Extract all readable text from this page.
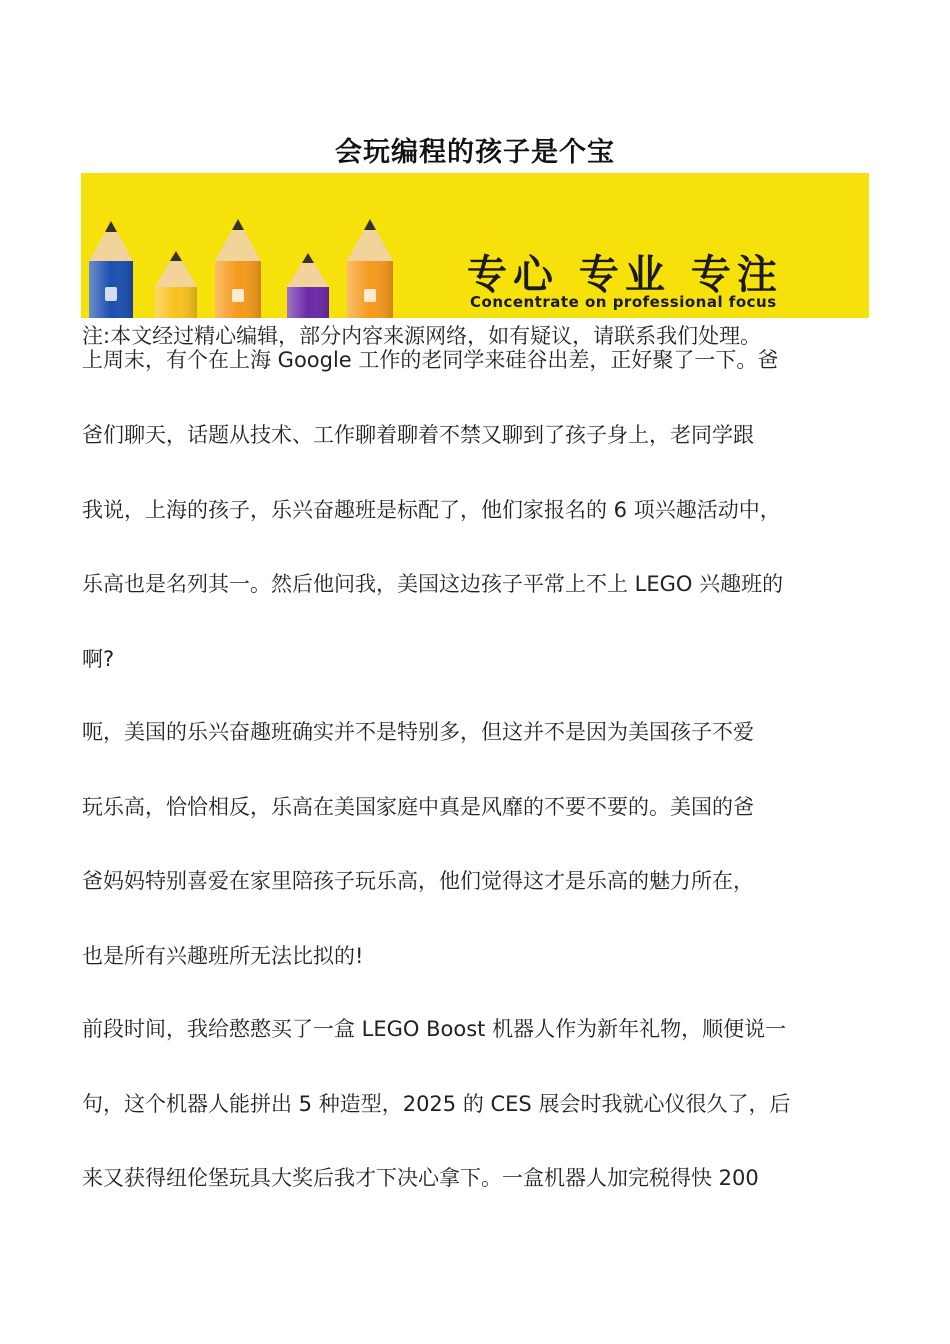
会玩编程的孩子是个宝
专心 专业 专注
Concentrate on professional focus
注:本文经过精心编辑，部分内容来源网络，如有疑议，请联系我们处理。
上周末，有个在上海 Google 工作的老同学来硅谷出差，正好聚了一下。爸
爸们聊天，话题从技术、工作聊着聊着不禁又聊到了孩子身上，老同学跟
我说，上海的孩子，乐兴奋趣班是标配了，他们家报名的 6 项兴趣活动中，
乐高也是名列其一。然后他问我，美国这边孩子平常上不上 LEGO 兴趣班的
啊?
呃，美国的乐兴奋趣班确实并不是特别多，但这并不是因为美国孩子不爱
玩乐高，恰恰相反，乐高在美国家庭中真是风靡的不要不要的。美国的爸
爸妈妈特别喜爱在家里陪孩子玩乐高，他们觉得这才是乐高的魅力所在，
也是所有兴趣班所无法比拟的!
前段时间，我给憨憨买了一盒 LEGO Boost 机器人作为新年礼物，顺便说一
句，这个机器人能拼出 5 种造型，2025 的 CES 展会时我就心仪很久了，后
来又获得纽伦堡玩具大奖后我才下决心拿下。一盒机器人加完税得快 200
